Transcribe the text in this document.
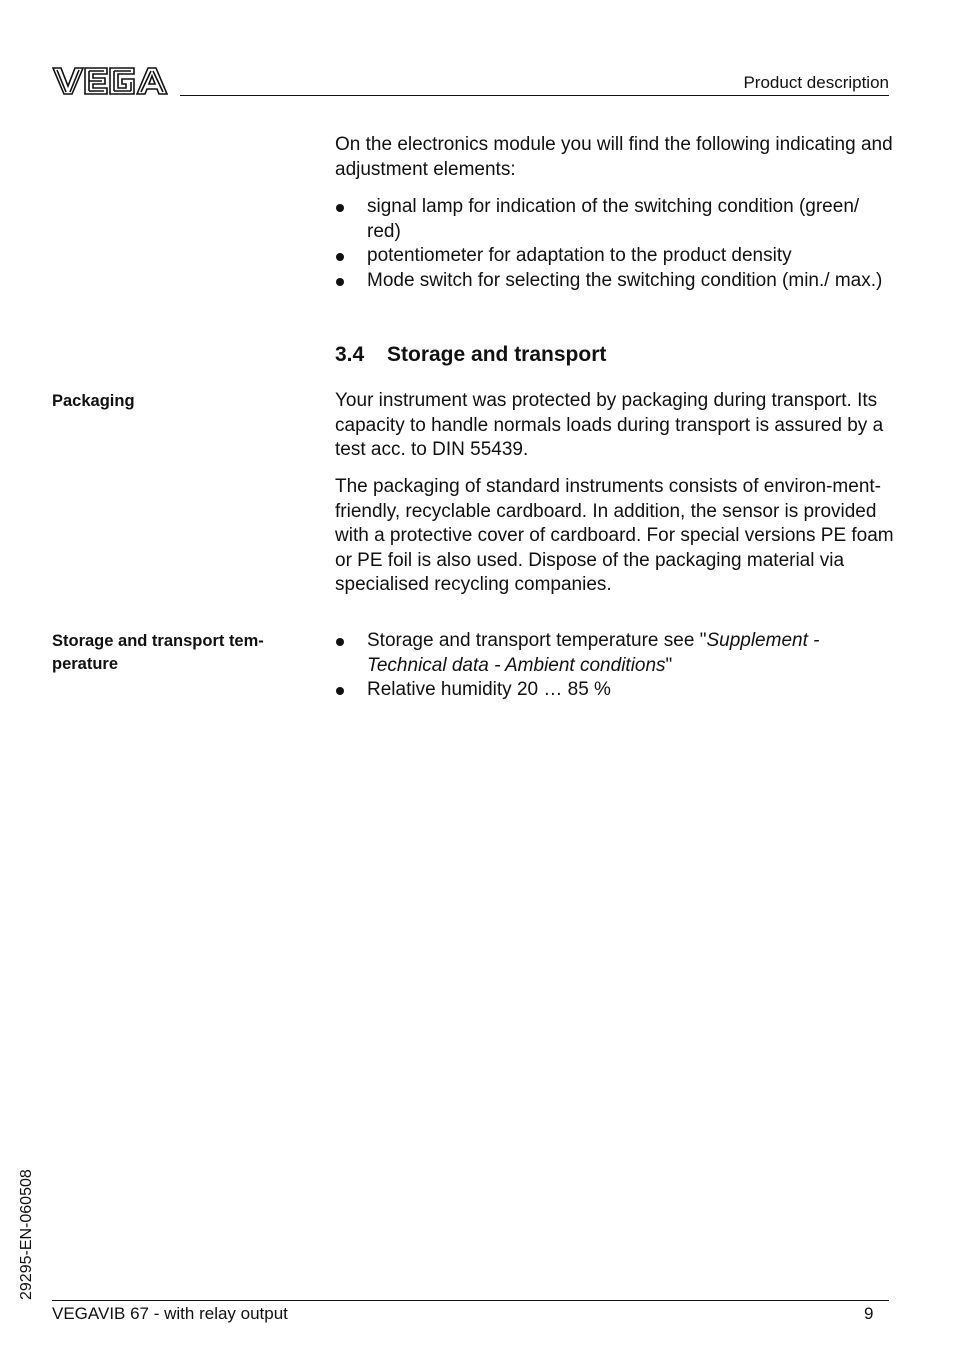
Product description

On the electronics module you will find the following indicating and adjustment elements:

signal lamp for indication of the switching condition (green/ red)
potentiometer for adaptation to the product density
Mode switch for selecting the switching condition (min./ max.)
3.4 Storage and transport
Packaging	Your instrument was protected by packaging during transport. Its capacity to handle normals loads during transport is assured by a test acc. to DIN 55439.

The packaging of standard instruments consists of environ-ment-friendly, recyclable cardboard. In addition, the sensor is provided with a protective cover of cardboard. For special versions PE foam or PE foil is also used. Dispose of the packaging material via specialised recycling companies.

Storage and transport tem-
perature
Storage and transport temperature see "Supplement - Technical data - Ambient conditions"
Relative humidity 20 … 85 %
29295-EN-060508
VEGAVIB 67 - with relay output	9
